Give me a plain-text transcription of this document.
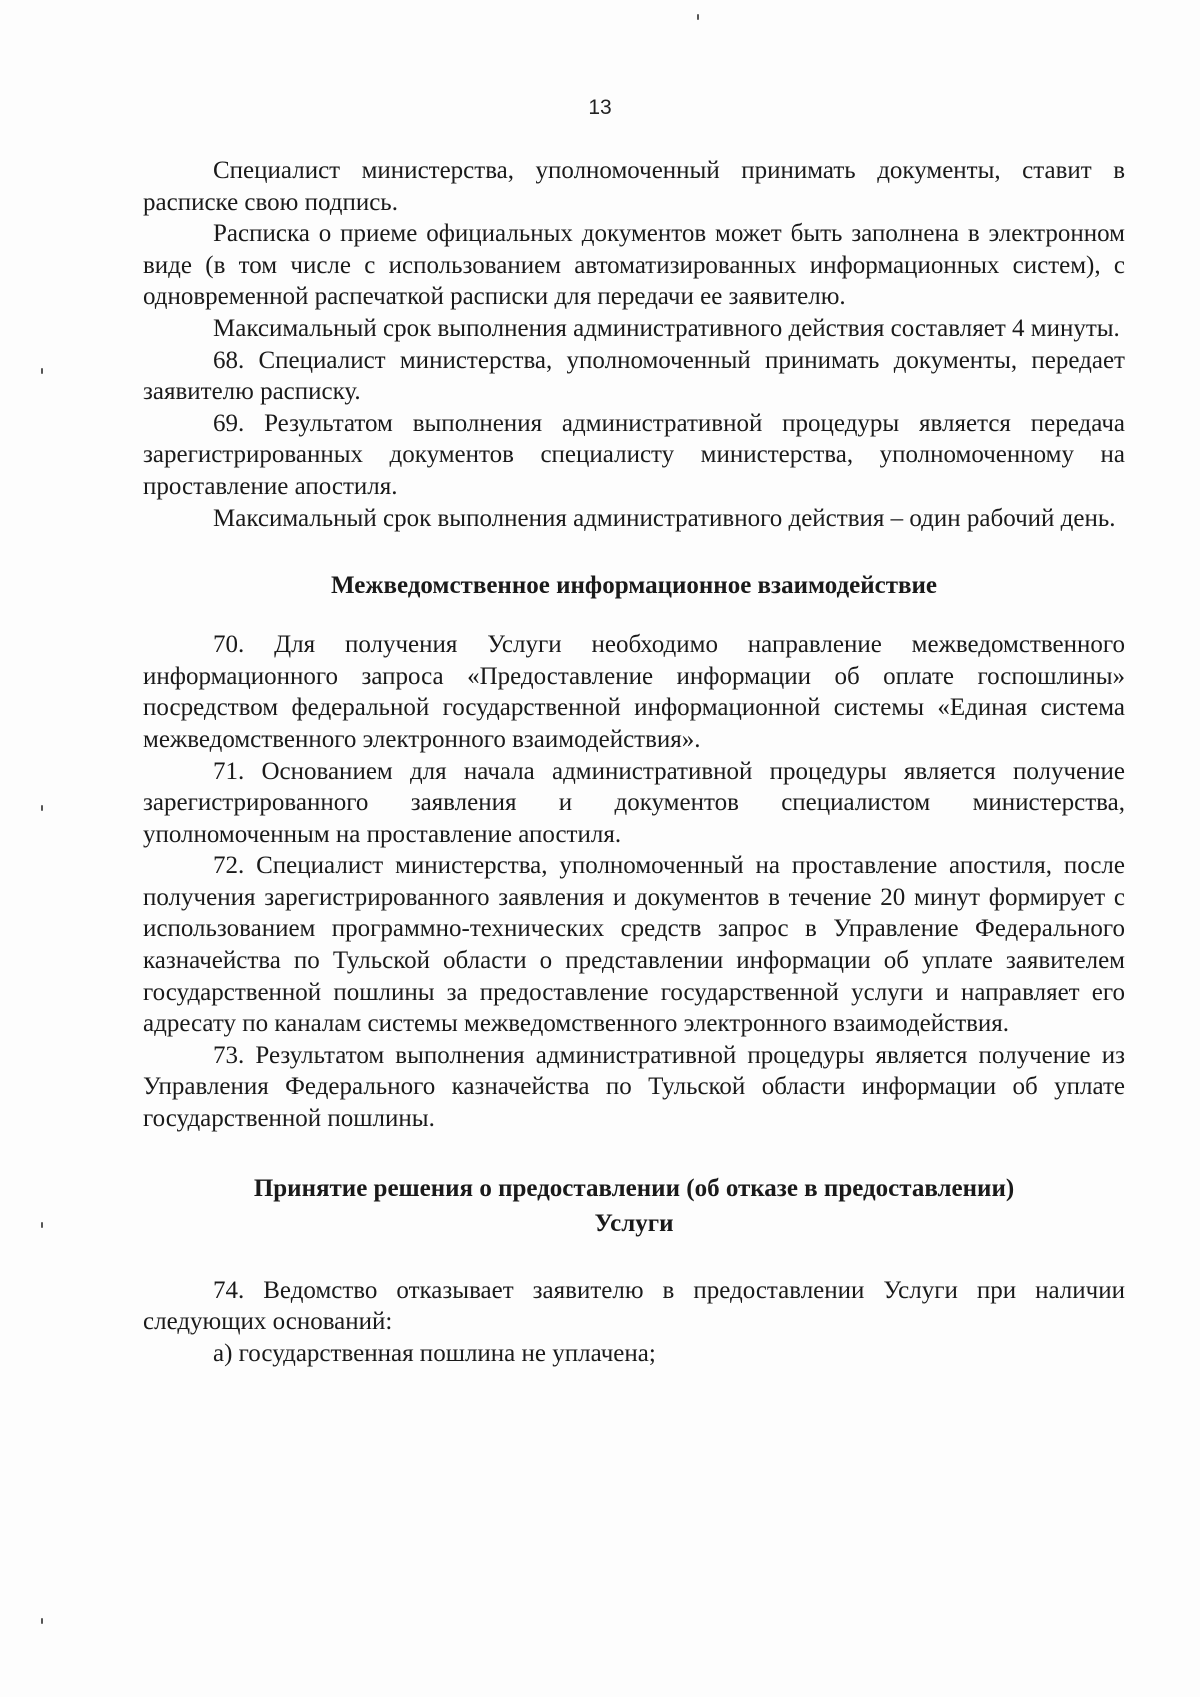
13

Специалист министерства, уполномоченный принимать документы, ставит в расписке свою подпись.

Расписка о приеме официальных документов может быть заполнена в электронном виде (в том числе с использованием автоматизированных информационных систем), с одновременной распечаткой расписки для передачи ее заявителю.

Максимальный срок выполнения административного действия составляет 4 минуты.

68. Специалист министерства, уполномоченный принимать документы, передает заявителю расписку.

69. Результатом выполнения административной процедуры является передача зарегистрированных документов специалисту министерства, уполномоченному на проставление апостиля.

Максимальный срок выполнения административного действия – один рабочий день.

Межведомственное информационное взаимодействие

70. Для получения Услуги необходимо направление межведомственного информационного запроса «Предоставление информации об оплате госпошлины» посредством федеральной государственной информационной системы «Единая система межведомственного электронного взаимодействия».

71. Основанием для начала административной процедуры является получение зарегистрированного заявления и документов специалистом министерства, уполномоченным на проставление апостиля.

72. Специалист министерства, уполномоченный на проставление апостиля, после получения зарегистрированного заявления и документов в течение 20 минут формирует с использованием программно-технических средств запрос в Управление Федерального казначейства по Тульской области о представлении информации об уплате заявителем государственной пошлины за предоставление государственной услуги и направляет его адресату по каналам системы межведомственного электронного взаимодействия.

73. Результатом выполнения административной процедуры является получение из Управления Федерального казначейства по Тульской области информации об уплате государственной пошлины.

Принятие решения о предоставлении (об отказе в предоставлении)
Услуги

74. Ведомство отказывает заявителю в предоставлении Услуги при наличии следующих оснований:

а) государственная пошлина не уплачена;
